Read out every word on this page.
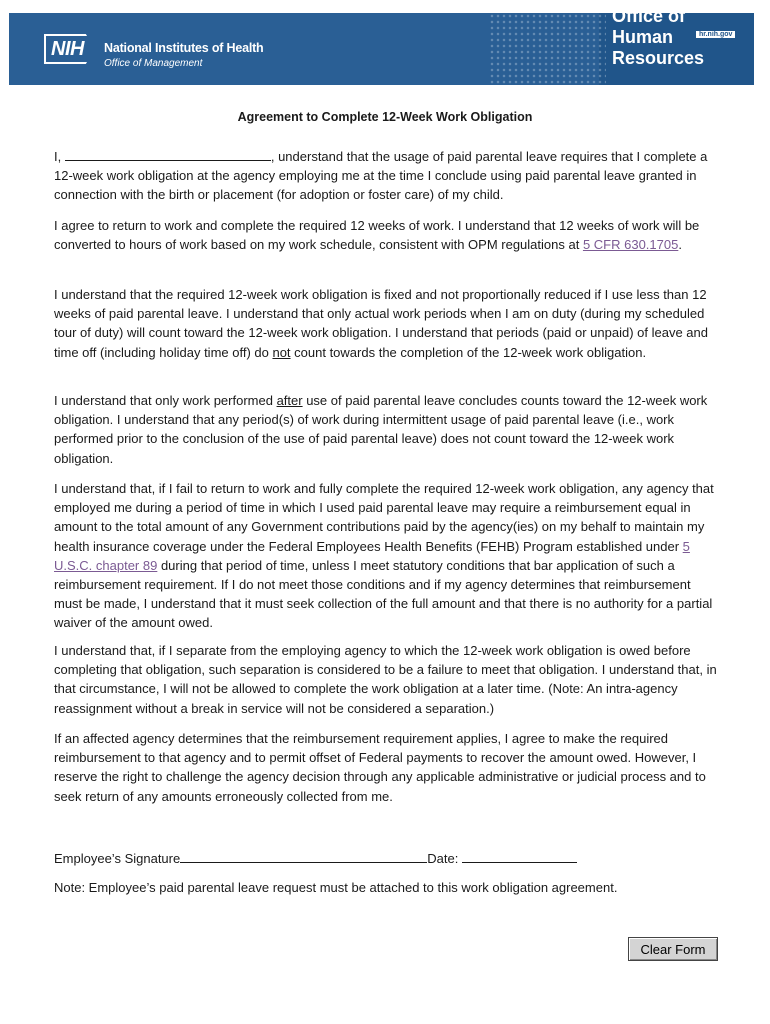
NIH National Institutes of Health
Office of Management
Office of
Human
Resources
hr.nih.gov
Agreement to Complete 12-Week Work Obligation

I,	, understand that the usage of paid parental leave requires that I complete a 12-week work obligation at the agency employing me at the time I conclude using paid parental leave granted in connection with the birth or placement (for adoption or foster care) of my child.

I agree to return to work and complete the required 12 weeks of work. I understand that 12 weeks of work will be converted to hours of work based on my work schedule, consistent with OPM regulations at 5 CFR 630.1705.

I understand that the required 12-week work obligation is fixed and not proportionally reduced if I use less than 12 weeks of paid parental leave. I understand that only actual work periods when I am on duty (during my scheduled tour of duty) will count toward the 12-week work obligation. I understand that periods (paid or unpaid) of leave and time off (including holiday time off) do not count towards the completion of the 12-week work obligation.

I understand that only work performed after use of paid parental leave concludes counts toward the 12-week work obligation. I understand that any period(s) of work during intermittent usage of paid parental leave (i.e., work performed prior to the conclusion of the use of paid parental leave) does not count toward the 12-week work obligation.

I understand that, if I fail to return to work and fully complete the required 12-week work obligation, any agency that employed me during a period of time in which I used paid parental leave may require a reimbursement equal in amount to the total amount of any Government contributions paid by the agency(ies) on my behalf to maintain my health insurance coverage under the Federal Employees Health Benefits (FEHB) Program established under 5 U.S.C. chapter 89 during that period of time, unless I meet statutory conditions that bar application of such a reimbursement requirement. If I do not meet those conditions and if my agency determines that reimbursement must be made, I understand that it must seek collection of the full amount and that there is no authority for a partial waiver of the amount owed.

I understand that, if I separate from the employing agency to which the 12-week work obligation is owed before completing that obligation, such separation is considered to be a failure to meet that obligation. I understand that, in that circumstance, I will not be allowed to complete the work obligation at a later time. (Note: An intra-agency reassignment without a break in service will not be considered a separation.)

If an affected agency determines that the reimbursement requirement applies, I agree to make the required reimbursement to that agency and to permit offset of Federal payments to recover the amount owed. However, I reserve the right to challenge the agency decision through any applicable administrative or judicial process and to seek return of any amounts erroneously collected from me.

Employee’s Signature	Date:
Note: Employee’s paid parental leave request must be attached to this work obligation agreement.
Clear Form
